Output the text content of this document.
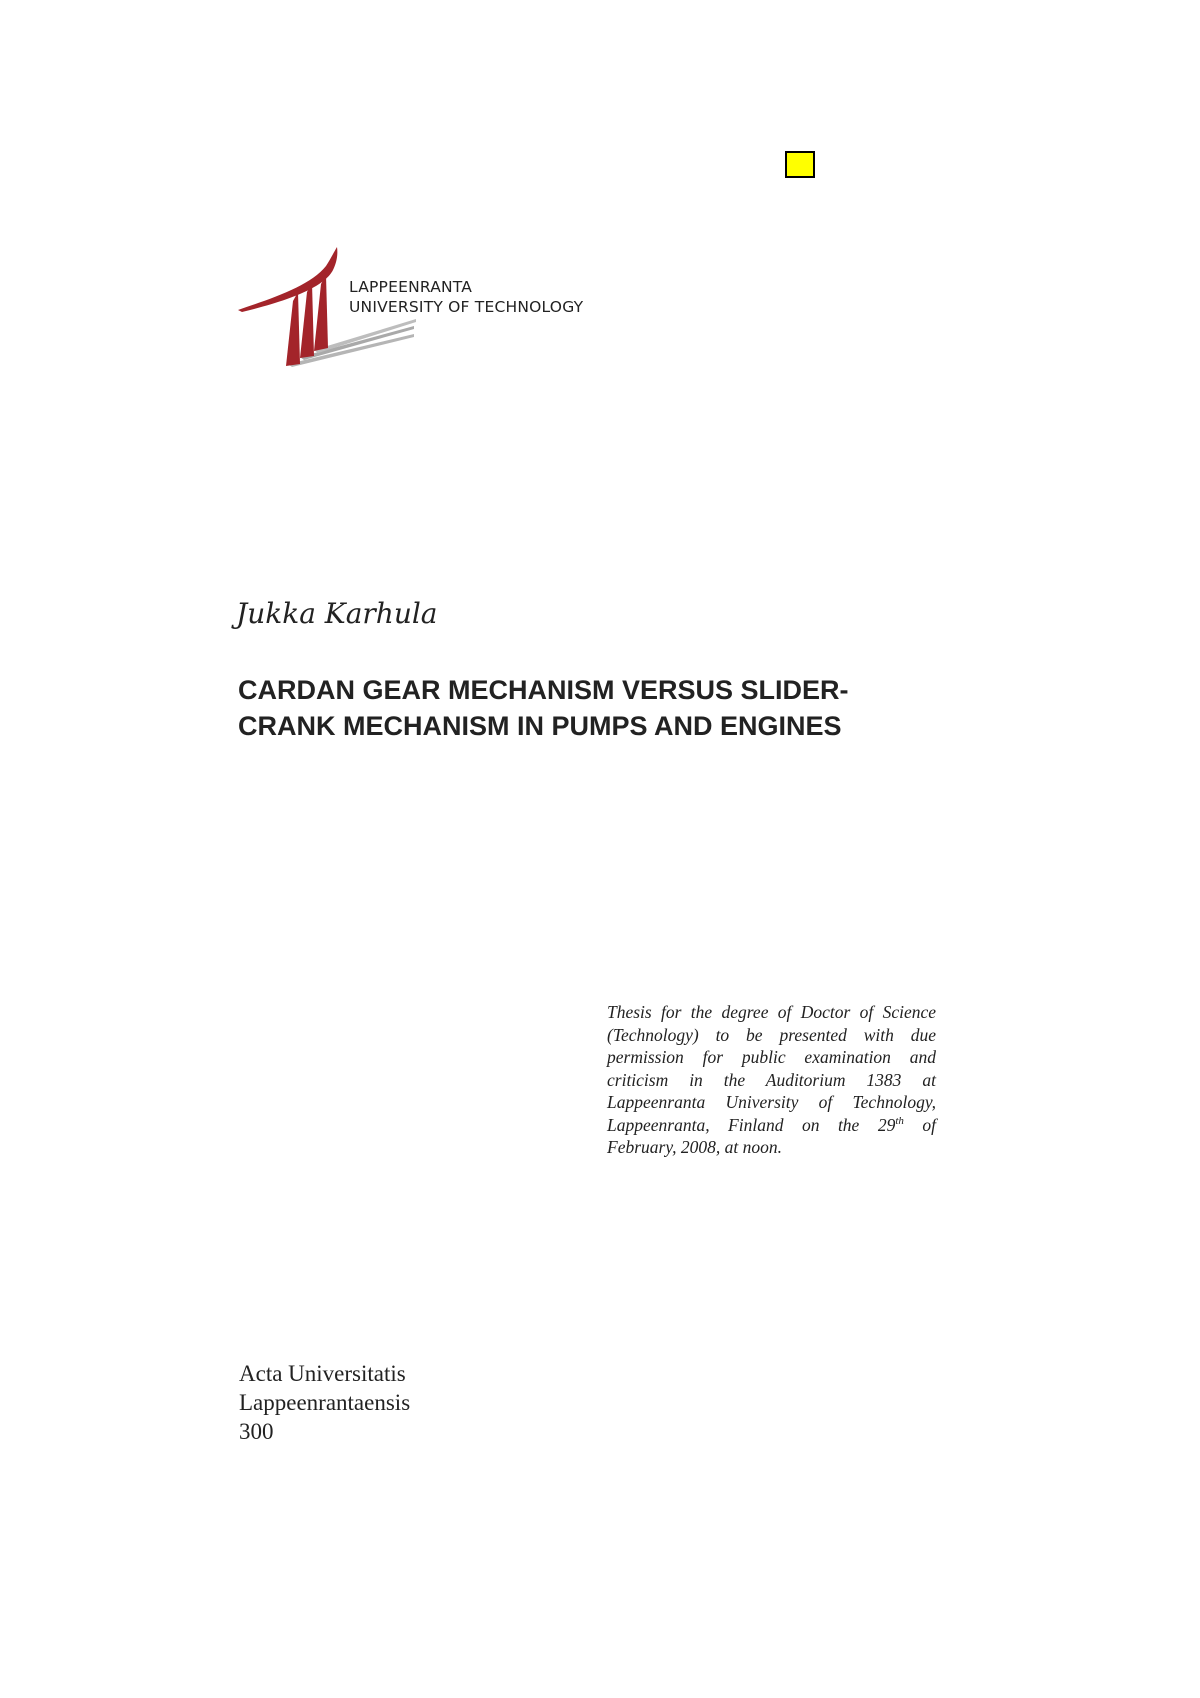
LAPPEENRANTA
UNIVERSITY OF TECHNOLOGY
Jukka Karhula
CARDAN GEAR MECHANISM VERSUS SLIDER-
CRANK MECHANISM IN PUMPS AND ENGINES
Thesis for the degree of Doctor of Science
(Technology) to be presented with due
permission for public examination and
criticism in the Auditorium 1383 at
Lappeenranta University of Technology,
Lappeenranta, Finland on the 29th of
February, 2008, at noon.
Acta Universitatis
Lappeenrantaensis
300
